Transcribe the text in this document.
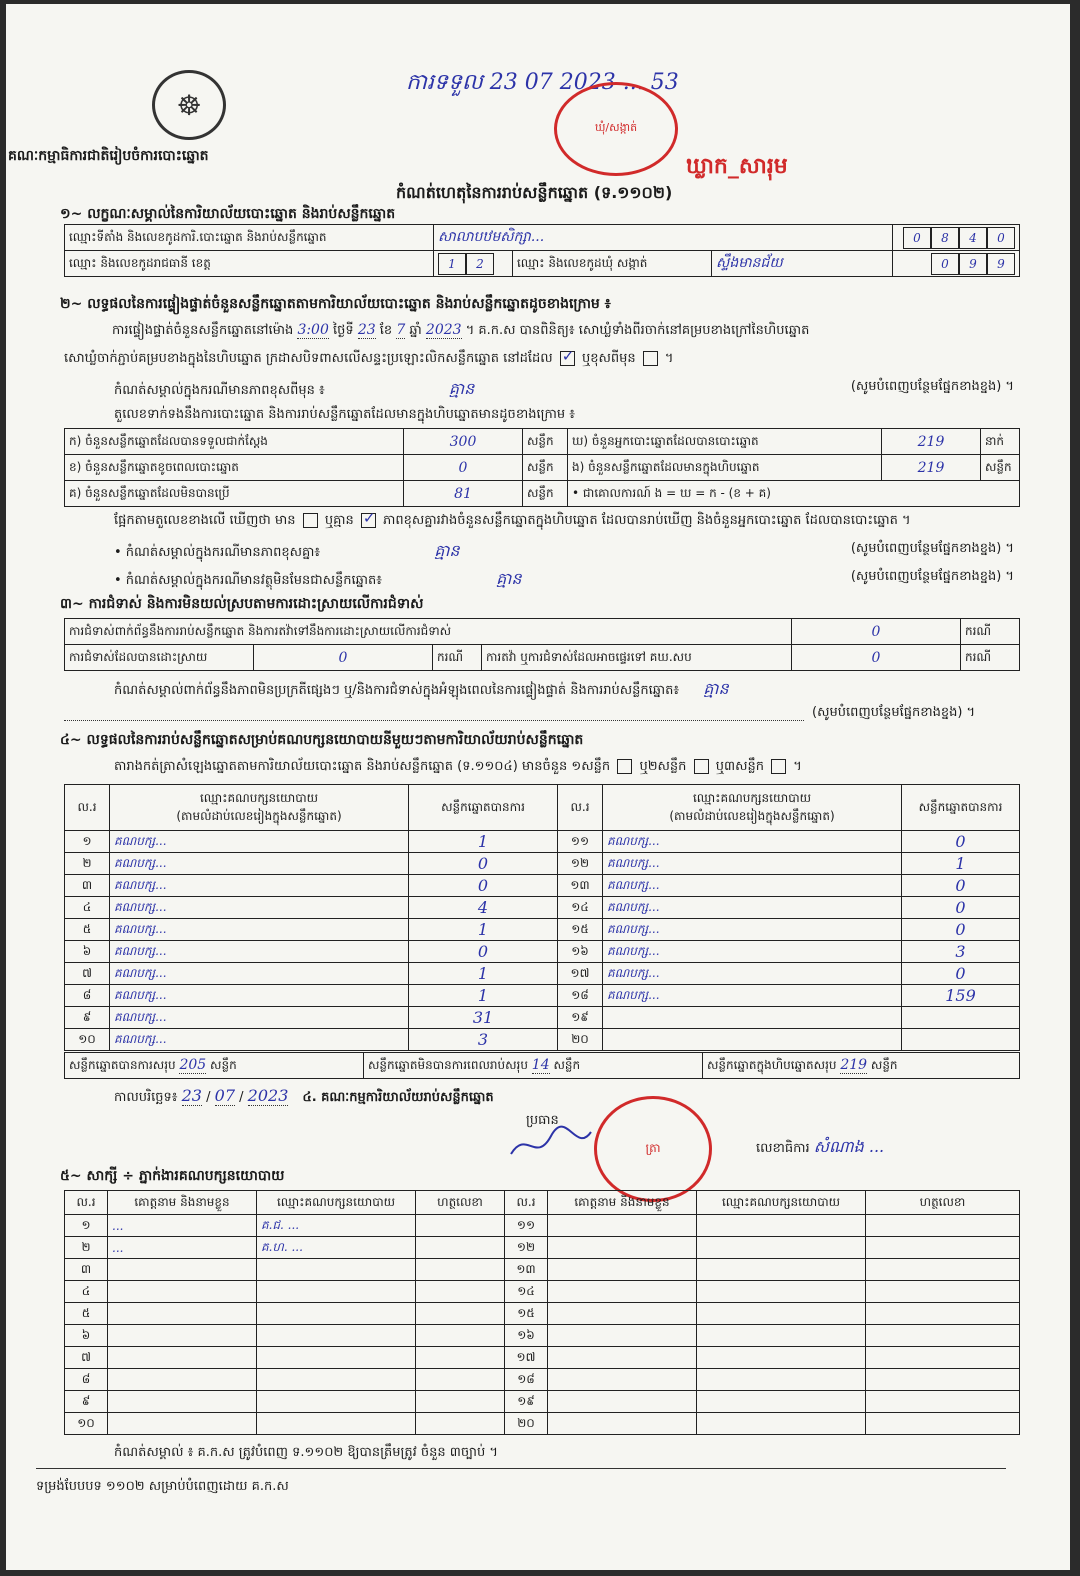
☸
គណៈកម្មាធិការជាតិរៀបចំការបោះឆ្នោត
ការទទួល 23 07 2023 ... 53
ឃុំ/សង្កាត់
ឃ្លាក_សារុម
កំណត់ហេតុនៃការរាប់សន្លឹកឆ្នោត (ទ.១១០២)
១~ លក្ខណៈសម្គាល់នៃការិយាល័យបោះឆ្នោត និងរាប់សន្លឹកឆ្នោត
ឈ្មោះទីតាំង និងលេខកូដការិ.បោះឆ្នោត និងរាប់សន្លឹកឆ្នោត	សាលាបឋមសិក្សា...			0 8 4 0
ឈ្មោះ និងលេខកូដរាជធានី ខេត្ត	1 2	ឈ្មោះ និងលេខកូដឃុំ សង្កាត់	ស្ទឹងមានជ័យ	0 9 9
២~ លទ្ធផលនៃការផ្ទៀងផ្ទាត់ចំនួនសន្លឹកឆ្នោតតាមការិយាល័យបោះឆ្នោត និងរាប់សន្លឹកឆ្នោតដូចខាងក្រោម ៖
ការផ្ទៀងផ្ទាត់ចំនួនសន្លឹកឆ្នោតនៅម៉ោង 3:00 ថ្ងៃទី 23 ខែ 7 ឆ្នាំ 2023 ។ គ.ក.ស បានពិនិត្យ៖ សោឃ្លំទាំងពីរចាក់នៅគម្របខាងក្រៅនៃហិបឆ្នោត
សោឃ្លំចាក់ភ្ជាប់គម្របខាងក្នុងនៃហិបឆ្នោត ក្រដាសបិទពាសលើសន្ទះប្រឡោះលិកសន្លឹកឆ្នោត នៅដដែល ✓ ឬខុសពីមុន  ។
កំណត់សម្គាល់ក្នុងករណីមានភាពខុសពីមុន ៖	គ្មាន	(សូមបំពេញបន្ថែមផ្នែកខាងខ្នង) ។
តួលេខទាក់ទងនឹងការបោះឆ្នោត និងការរាប់សន្លឹកឆ្នោតដែលមានក្នុងហិបឆ្នោតមានដូចខាងក្រោម ៖
ក) ចំនួនសន្លឹកឆ្នោតដែលបានទទួលជាក់ស្តែង	300	សន្លឹក	ឃ) ចំនួនអ្នកបោះឆ្នោតដែលបានបោះឆ្នោត	219	នាក់
ខ) ចំនួនសន្លឹកឆ្នោតខូចពេលបោះឆ្នោត	0	សន្លឹក	ង) ចំនួនសន្លឹកឆ្នោតដែលមានក្នុងហិបឆ្នោត	219	សន្លឹក
គ) ចំនួនសន្លឹកឆ្នោតដែលមិនបានប្រើ	81	សន្លឹក	• ជាគោលការណ៍ ង = ឃ = ក - (ខ + គ)		
ផ្អែកតាមតួលេខខាងលើ ឃើញថា មាន ឬគ្មាន ✓ ភាពខុសគ្នារវាងចំនួនសន្លឹកឆ្នោតក្នុងហិបឆ្នោត ដែលបានរាប់ឃើញ និងចំនួនអ្នកបោះឆ្នោត ដែលបានបោះឆ្នោត ។
• កំណត់សម្គាល់ក្នុងករណីមានភាពខុសគ្នា៖	គ្មាន	(សូមបំពេញបន្ថែមផ្នែកខាងខ្នង) ។
• កំណត់សម្គាល់ក្នុងករណីមានវត្ថុមិនមែនជាសន្លឹកឆ្នោត៖	គ្មាន	(សូមបំពេញបន្ថែមផ្នែកខាងខ្នង) ។
៣~ ការជំទាស់ និងការមិនយល់ស្របតាមការដោះស្រាយលើការជំទាស់
ការជំទាស់ពាក់ព័ន្ធនឹងការរាប់សន្លឹកឆ្នោត និងការតវ៉ាទៅនឹងការដោះស្រាយលើការជំទាស់				0	ករណី
ការជំទាស់ដែលបានដោះស្រាយ	0	ករណី	ការតវ៉ា ឬការជំទាស់ដែលអាចផ្ទេរទៅ គឃ.សប	0	ករណី
កំណត់សម្គាល់ពាក់ព័ន្ធនឹងភាពមិនប្រក្រតីផ្សេងៗ ឬ/និងការជំទាស់ក្នុងអំឡុងពេលនៃការផ្ទៀងផ្ទាត់ និងការរាប់សន្លឹកឆ្នោត៖ គ្មាន
(សូមបំពេញបន្ថែមផ្នែកខាងខ្នង) ។
៤~ លទ្ធផលនៃការរាប់សន្លឹកឆ្នោតសម្រាប់គណបក្សនយោបាយនីមួយៗតាមការិយាល័យរាប់សន្លឹកឆ្នោត
តារាងកត់ត្រាសំឡេងឆ្នោតតាមការិយាល័យបោះឆ្នោត និងរាប់សន្លឹកឆ្នោត (ទ.១១០៤) មានចំនួន ១សន្លឹក ឬ២សន្លឹក ឬ៣សន្លឹក  ។
ល.រ	ឈ្មោះគណបក្សនយោបាយ
(តាមលំដាប់លេខរៀងក្នុងសន្លឹកឆ្នោត)	សន្លឹកឆ្នោតបានការ	ល.រ	ឈ្មោះគណបក្សនយោបាយ
(តាមលំដាប់លេខរៀងក្នុងសន្លឹកឆ្នោត)	សន្លឹកឆ្នោតបានការ
១	គណបក្ស...	1	១១	គណបក្ស...	0
២	គណបក្ស...	0	១២	គណបក្ស...	1
៣	គណបក្ស...	0	១៣	គណបក្ស...	0
៤	គណបក្ស...	4	១៤	គណបក្ស...	0
៥	គណបក្ស...	1	១៥	គណបក្ស...	0
៦	គណបក្ស...	0	១៦	គណបក្ស...	3
៧	គណបក្ស...	1	១៧	គណបក្ស...	0
៨	គណបក្ស...	1	១៨	គណបក្ស...	159
៩	គណបក្ស...	31	១៩		
១០	គណបក្ស...	3	២០		
សន្លឹកឆ្នោតបានការសរុប 205 សន្លឹក	សន្លឹកឆ្នោតមិនបានការពេលរាប់សរុប 14 សន្លឹក	សន្លឹកឆ្នោតក្នុងហិបឆ្នោតសរុប 219 សន្លឹក
កាលបរិច្ឆេទ៖ 23 / 07 / 2023 ៤. គណៈកម្មការិយាល័យរាប់សន្លឹកឆ្នោត
ប្រធាន
ត្រា	លេខាធិការ សំណាង ...
៥~ សាក្សី ÷ ភ្នាក់ងារគណបក្សនយោបាយ
ល.រ	គោត្តនាម និងនាមខ្លួន	ឈ្មោះគណបក្សនយោបាយ	ហត្ថលេខា	ល.រ	គោត្តនាម និងនាមខ្លួន	ឈ្មោះគណបក្សនយោបាយ	ហត្ថលេខា
១	...	គ.ជ. ...		១១			
២	...	គ.ហ. ...		១២			
៣				១៣			
៤				១៤			
៥				១៥			
៦				១៦			
៧				១៧			
៨				១៨			
៩				១៩			
១០				២០			
កំណត់សម្គាល់ ៖ គ.ក.ស ត្រូវបំពេញ ទ.១១០២ ឱ្យបានត្រឹមត្រូវ ចំនួន ៣ច្បាប់ ។
ទម្រង់បែបបទ ១១០២ សម្រាប់បំពេញដោយ គ.ក.ស
